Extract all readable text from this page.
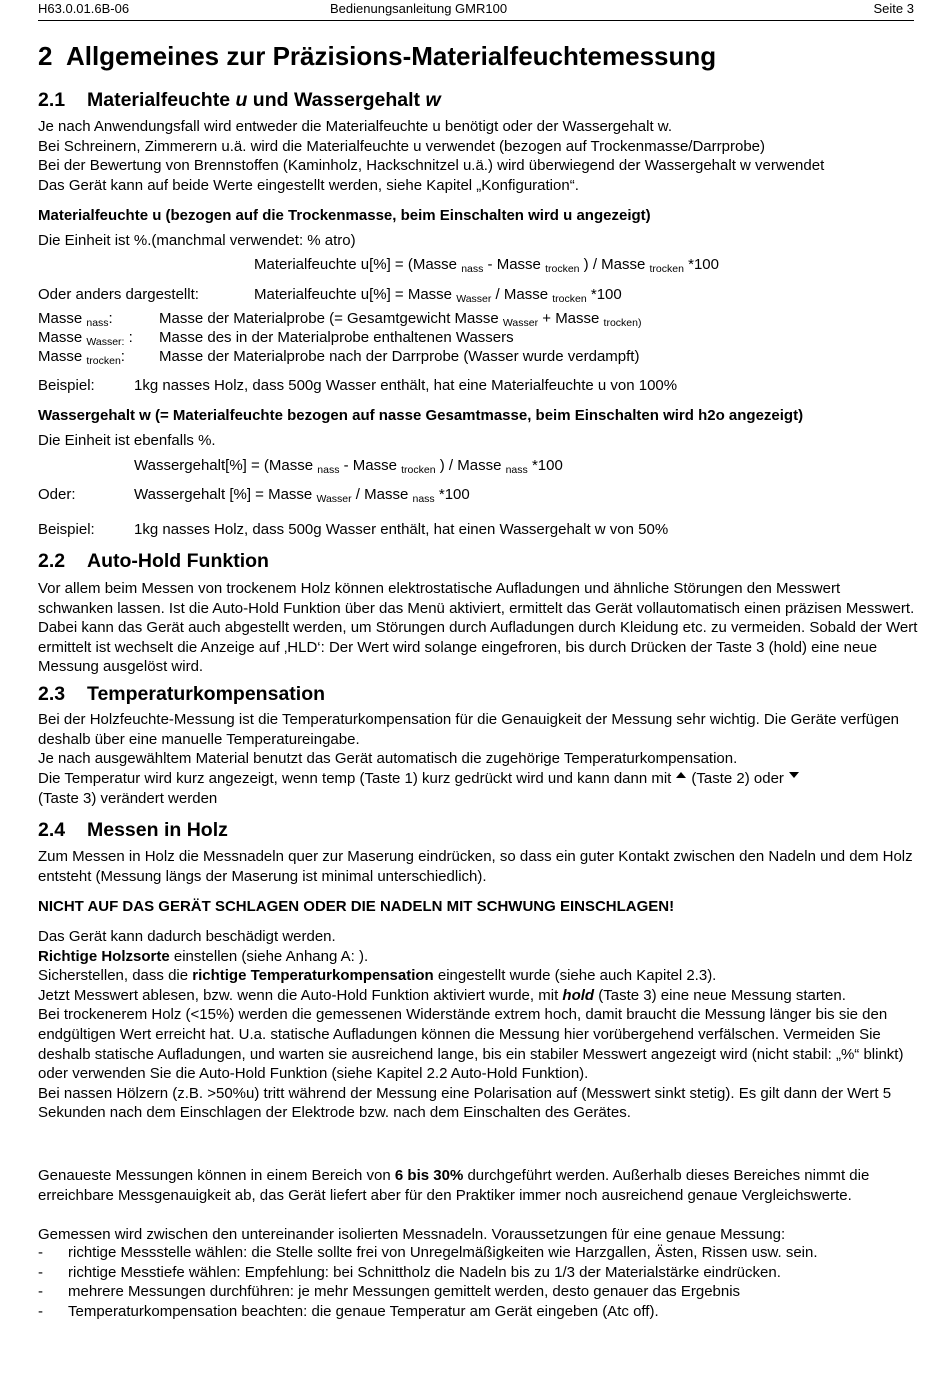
H63.0.01.6B-06	Bedienungsanleitung GMR100	Seite 3
2 Allgemeines zur Präzisions-Materialfeuchtemessung
2.1 Materialfeuchte u und Wassergehalt w
Je nach Anwendungsfall wird entweder die Materialfeuchte u benötigt oder der Wassergehalt w.
Bei Schreinern, Zimmerern u.ä. wird die Materialfeuchte u verwendet (bezogen auf Trockenmasse/Darrprobe)
Bei der Bewertung von Brennstoffen (Kaminholz, Hackschnitzel u.ä.) wird überwiegend der Wassergehalt w verwendet
Das Gerät kann auf beide Werte eingestellt werden, siehe Kapitel „Konfiguration“.
Materialfeuchte u (bezogen auf die Trockenmasse, beim Einschalten wird u angezeigt)
Die Einheit ist %.(manchmal verwendet: % atro)
Materialfeuchte u[%] = (Masse $_{nass}$ - Masse $_{trocken}$ ) / Masse $_{trocken}$ *100
Oder anders dargestellt:	Materialfeuchte u[%] = Masse $_{Wasser}$ / Masse $_{trocken}$ *100
Masse $_{nass}$:	Masse der Materialprobe (= Gesamtgewicht Masse $_{Wasser}$ + Masse $_{trocken)}$
Masse $_{Wasser:}$ : Masse des in der Materialprobe enthaltenen Wassers
Masse $_{trocken}$: Masse der Materialprobe nach der Darrprobe (Wasser wurde verdampft)
Beispiel:	1kg nasses Holz, dass 500g Wasser enthält, hat eine Materialfeuchte u von 100%
Wassergehalt w (= Materialfeuchte bezogen auf nasse Gesamtmasse, beim Einschalten wird h2o angezeigt)
Die Einheit ist ebenfalls %.
Wassergehalt[%] = (Masse $_{nass}$ - Masse $_{trocken}$ ) / Masse $_{nass}$ *100
Oder:	Wassergehalt [%] = Masse $_{Wasser}$ / Masse $_{nass}$ *100
Beispiel:	1kg nasses Holz, dass 500g Wasser enthält, hat einen Wassergehalt w von 50%
2.2 Auto-Hold Funktion
Vor allem beim Messen von trockenem Holz können elektrostatische Aufladungen und ähnliche Störungen den Messwert schwanken lassen. Ist die Auto-Hold Funktion über das Menü aktiviert, ermittelt das Gerät vollautomatisch einen präzisen Messwert. Dabei kann das Gerät auch abgestellt werden, um Störungen durch Aufladungen durch Kleidung etc. zu vermeiden. Sobald der Wert ermittelt ist wechselt die Anzeige auf ‚HLD‘: Der Wert wird solange eingefroren, bis durch Drücken der Taste 3 (hold) eine neue Messung ausgelöst wird.
2.3 Temperaturkompensation
Bei der Holzfeuchte-Messung ist die Temperaturkompensation für die Genauigkeit der Messung sehr wichtig. Die Geräte verfügen deshalb über eine manuelle Temperatureingabe.
Je nach ausgewähltem Material benutzt das Gerät automatisch die zugehörige Temperaturkompensation.
Die Temperatur wird kurz angezeigt, wenn temp (Taste 1) kurz gedrückt wird und kann dann mit (Taste 2) oder
(Taste 3) verändert werden
2.4 Messen in Holz
Zum Messen in Holz die Messnadeln quer zur Maserung eindrücken, so dass ein guter Kontakt zwischen den Nadeln und dem Holz entsteht (Messung längs der Maserung ist minimal unterschiedlich).
NICHT AUF DAS GERÄT SCHLAGEN ODER DIE NADELN MIT SCHWUNG EINSCHLAGEN!
Das Gerät kann dadurch beschädigt werden.
Richtige Holzsorte einstellen (siehe Anhang A: ).
Sicherstellen, dass die richtige Temperaturkompensation eingestellt wurde (siehe auch Kapitel 2.3).
Jetzt Messwert ablesen, bzw. wenn die Auto-Hold Funktion aktiviert wurde, mit hold (Taste 3) eine neue Messung starten.
Bei trockenerem Holz (<15%) werden die gemessenen Widerstände extrem hoch, damit braucht die Messung länger bis sie den endgültigen Wert erreicht hat. U.a. statische Aufladungen können die Messung hier vorübergehend verfälschen. Vermeiden Sie deshalb statische Aufladungen, und warten sie ausreichend lange, bis ein stabiler Messwert angezeigt wird (nicht stabil: „%“ blinkt) oder verwenden Sie die Auto-Hold Funktion (siehe Kapitel 2.2 Auto-Hold Funktion).
Bei nassen Hölzern (z.B. >50%u) tritt während der Messung eine Polarisation auf (Messwert sinkt stetig). Es gilt dann der Wert 5 Sekunden nach dem Einschlagen der Elektrode bzw. nach dem Einschalten des Gerätes.
Genaueste Messungen können in einem Bereich von 6 bis 30% durchgeführt werden. Außerhalb dieses Bereiches nimmt die erreichbare Messgenauigkeit ab, das Gerät liefert aber für den Praktiker immer noch ausreichend genaue Vergleichswerte.
Gemessen wird zwischen den untereinander isolierten Messnadeln. Voraussetzungen für eine genaue Messung:
- richtige Messstelle wählen: die Stelle sollte frei von Unregelmäßigkeiten wie Harzgallen, Ästen, Rissen usw. sein.
- richtige Messtiefe wählen: Empfehlung: bei Schnittholz die Nadeln bis zu 1/3 der Materialstärke eindrücken.
- mehrere Messungen durchführen: je mehr Messungen gemittelt werden, desto genauer das Ergebnis
- Temperaturkompensation beachten: die genaue Temperatur am Gerät eingeben (Atc off).
